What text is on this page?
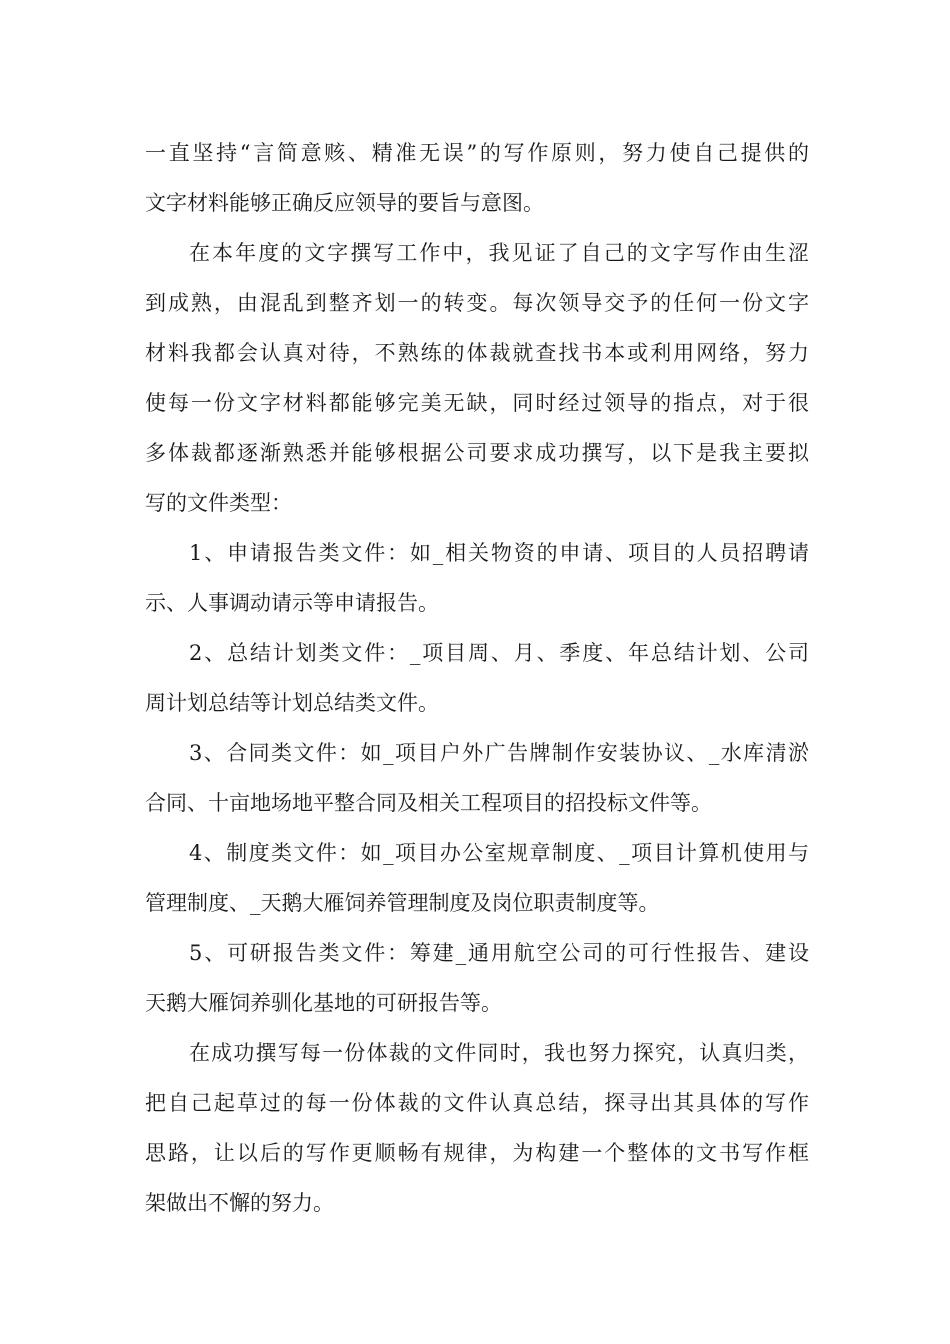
一直坚持“言简意赅、精准无误”的写作原则，努力使自己提供的
文字材料能够正确反应领导的要旨与意图。
在本年度的文字撰写工作中，我见证了自己的文字写作由生涩
到成熟，由混乱到整齐划一的转变。每次领导交予的任何一份文字
材料我都会认真对待，不熟练的体裁就查找书本或利用网络，努力
使每一份文字材料都能够完美无缺，同时经过领导的指点，对于很
多体裁都逐渐熟悉并能够根据公司要求成功撰写，以下是我主要拟
写的文件类型：
1、申请报告类文件：如_相关物资的申请、项目的人员招聘请
示、人事调动请示等申请报告。
2、总结计划类文件：_项目周、月、季度、年总结计划、公司
周计划总结等计划总结类文件。
3、合同类文件：如_项目户外广告牌制作安装协议、_水库清淤
合同、十亩地场地平整合同及相关工程项目的招投标文件等。
4、制度类文件：如_项目办公室规章制度、_项目计算机使用与
管理制度、_天鹅大雁饲养管理制度及岗位职责制度等。
5、可研报告类文件：筹建_通用航空公司的可行性报告、建设
天鹅大雁饲养驯化基地的可研报告等。
在成功撰写每一份体裁的文件同时，我也努力探究，认真归类，
把自己起草过的每一份体裁的文件认真总结，探寻出其具体的写作
思路，让以后的写作更顺畅有规律，为构建一个整体的文书写作框
架做出不懈的努力。
